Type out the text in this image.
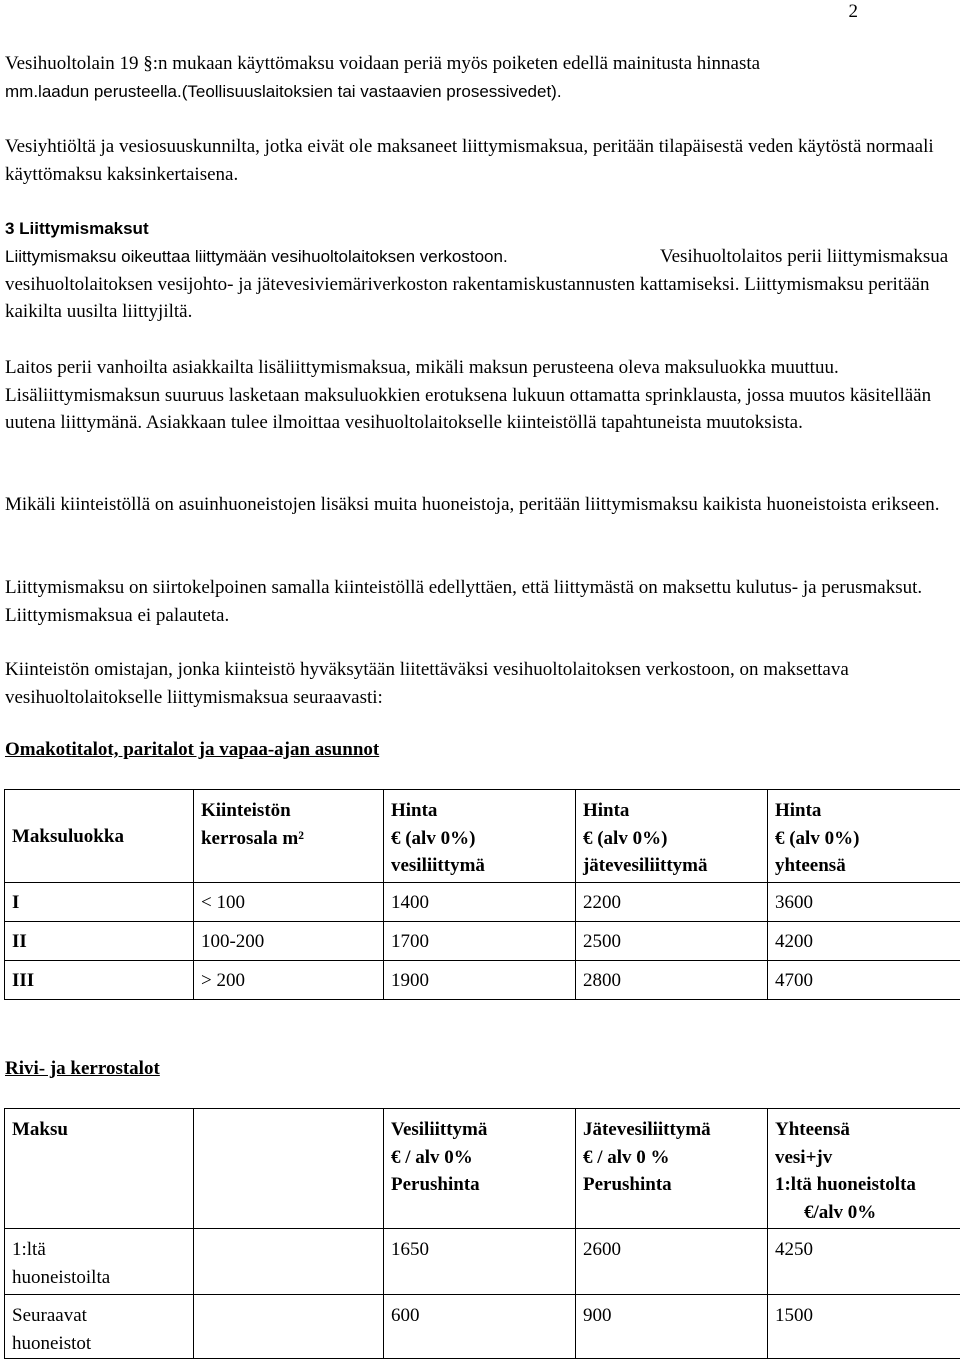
2

Vesihuoltolain 19 §:n mukaan käyttömaksu voidaan periä myös poiketen edellä mainitusta hinnasta
mm.laadun perusteella.(Teollisuuslaitoksien tai vastaavien prosessivedet).

Vesiyhtiöltä ja vesiosuuskunnilta, jotka eivät ole maksaneet liittymismaksua, peritään tilapäisestä veden käytöstä normaali käyttömaksu kaksinkertaisena.

3 Liittymismaksut
Liittymismaksu oikeuttaa liittymään vesihuoltolaitoksen verkostoon.	Vesihuoltolaitos perii liittymismaksua vesihuoltolaitoksen vesijohto- ja jätevesiviemäriverkoston rakentamiskustannusten kattamiseksi. Liittymismaksu peritään kaikilta uusilta liittyjiltä.

Laitos perii vanhoilta asiakkailta lisäliittymismaksua, mikäli maksun perusteena oleva maksuluokka muuttuu. Lisäliittymismaksun suuruus lasketaan maksuluokkien erotuksena lukuun ottamatta sprinklausta, jossa muutos käsitellään uutena liittymänä. Asiakkaan tulee ilmoittaa vesihuoltolaitokselle kiinteistöllä tapahtuneista muutoksista.

Mikäli kiinteistöllä on asuinhuoneistojen lisäksi muita huoneistoja, peritään liittymismaksu kaikista huoneistoista erikseen.

Liittymismaksu on siirtokelpoinen samalla kiinteistöllä edellyttäen, että liittymästä on maksettu kulutus- ja perusmaksut. Liittymismaksua ei palauteta.

Kiinteistön omistajan, jonka kiinteistö hyväksytään liitettäväksi vesihuoltolaitoksen verkostoon, on maksettava vesihuoltolaitokselle liittymismaksua seuraavasti:

Omakotitalot, paritalot ja vapaa-ajan asunnot
Maksuluokka	Kiinteistön
kerrosala m²	Hinta
€ (alv 0%)
vesiliittymä	Hinta
€ (alv 0%)
jätevesiliittymä	Hinta
€ (alv 0%)
yhteensä
I	< 100	1400	2200	3600
II	100-200	1700	2500	4200
III	> 200	1900	2800	4700
Rivi- ja kerrostalot
Maksu		Vesiliittymä
€ / alv 0%
Perushinta	Jätevesiliittymä
€ / alv 0 %
Perushinta	Yhteensä
vesi+jv
1:ltä huoneistolta
€/alv 0%
1:ltä
huoneistoilta		1650	2600	4250
Seuraavat
huoneistot		600	900	1500
